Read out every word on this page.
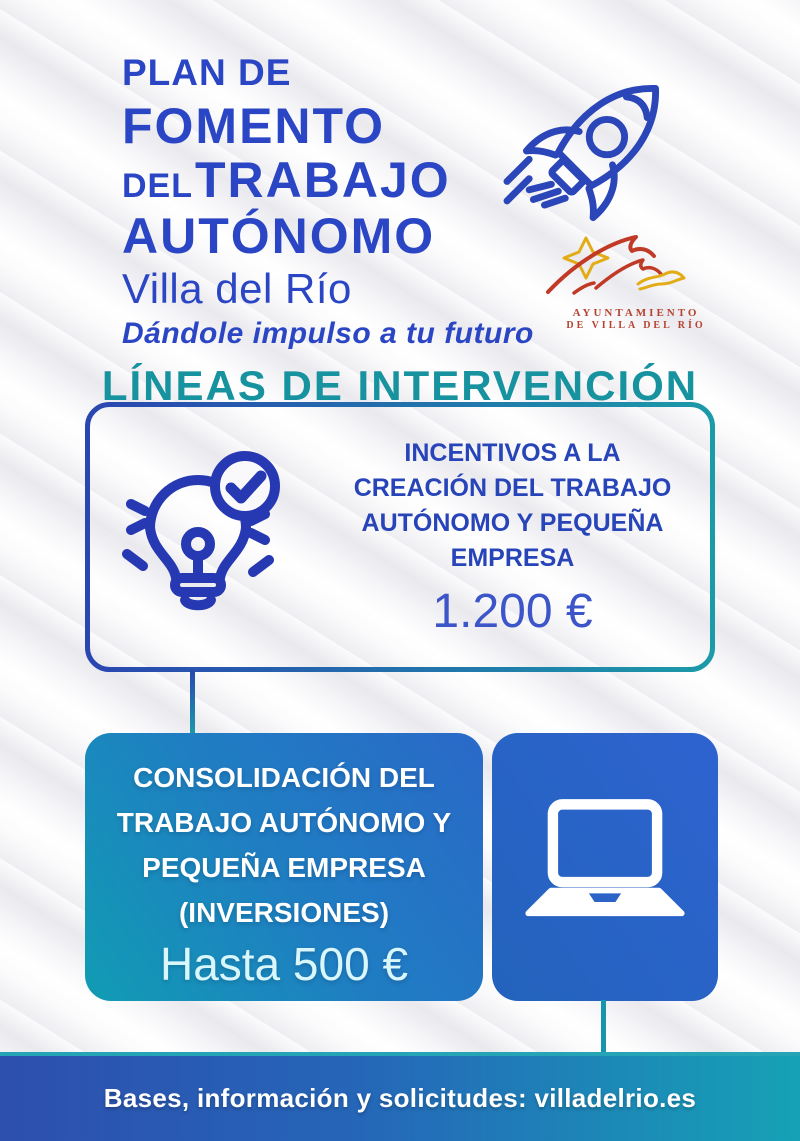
PLAN DE
FOMENTO
DELTRABAJO
AUTÓNOMO
Villa del Río
Dándole impulso a tu futuro
AYUNTAMIENTO
DE VILLA DEL RÍO
LÍNEAS DE INTERVENCIÓN
INCENTIVOS A LA
CREACIÓN DEL TRABAJO
AUTÓNOMO Y PEQUEÑA
EMPRESA
1.200 €
CONSOLIDACIÓN DEL
TRABAJO AUTÓNOMO Y
PEQUEÑA EMPRESA
(INVERSIONES)
Hasta 500 €
Bases, información y solicitudes: villadelrio.es
